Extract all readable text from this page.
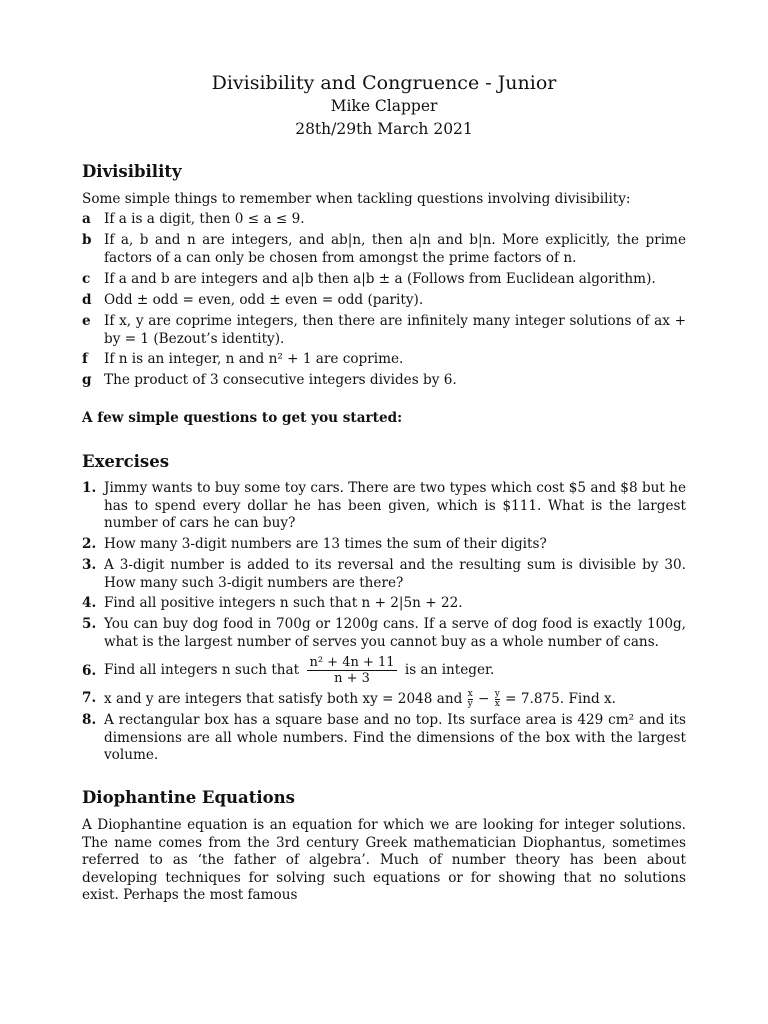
Divisibility and Congruence - Junior
Mike Clapper
28th/29th March 2021
Divisibility
Some simple things to remember when tackling questions involving divisibility:
a If a is a digit, then 0 ≤ a ≤ 9.
b If a, b and n are integers, and ab|n, then a|n and b|n. More explicitly, the prime factors of a can only be chosen from amongst the prime factors of n.
c If a and b are integers and a|b then a|b ± a (Follows from Euclidean algorithm).
d Odd ± odd = even, odd ± even = odd (parity).
e If x, y are coprime integers, then there are infinitely many integer solutions of ax + by = 1 (Bezout’s identity).
f If n is an integer, n and n² + 1 are coprime.
g The product of 3 consecutive integers divides by 6.
A few simple questions to get you started:
Exercises
1. Jimmy wants to buy some toy cars. There are two types which cost $5 and $8 but he has to spend every dollar he has been given, which is $111. What is the largest number of cars he can buy?
2. How many 3-digit numbers are 13 times the sum of their digits?
3. A 3-digit number is added to its reversal and the resulting sum is divisible by 30. How many such 3-digit numbers are there?
4. Find all positive integers n such that n + 2|5n + 22.
5. You can buy dog food in 700g or 1200g cans. If a serve of dog food is exactly 100g, what is the largest number of serves you cannot buy as a whole number of cans.
6. Find all integers n such that $\frac{\text{n² + 4n + 11}}{n + 3}$ is an integer.
7. x and y are integers that satisfy both xy = 2048 and $\frac{x}{y} - \frac{y}{x} = 7.875$. Find x.
8. A rectangular box has a square base and no top. Its surface area is 429 cm² and its dimensions are all whole numbers. Find the dimensions of the box with the largest volume.
Diophantine Equations
A Diophantine equation is an equation for which we are looking for integer solutions. The name comes from the 3rd century Greek mathematician Diophantus, sometimes referred to as ‘the father of algebra’. Much of number theory has been about developing techniques for solving such equations or for showing that no solutions exist. Perhaps the most famous
